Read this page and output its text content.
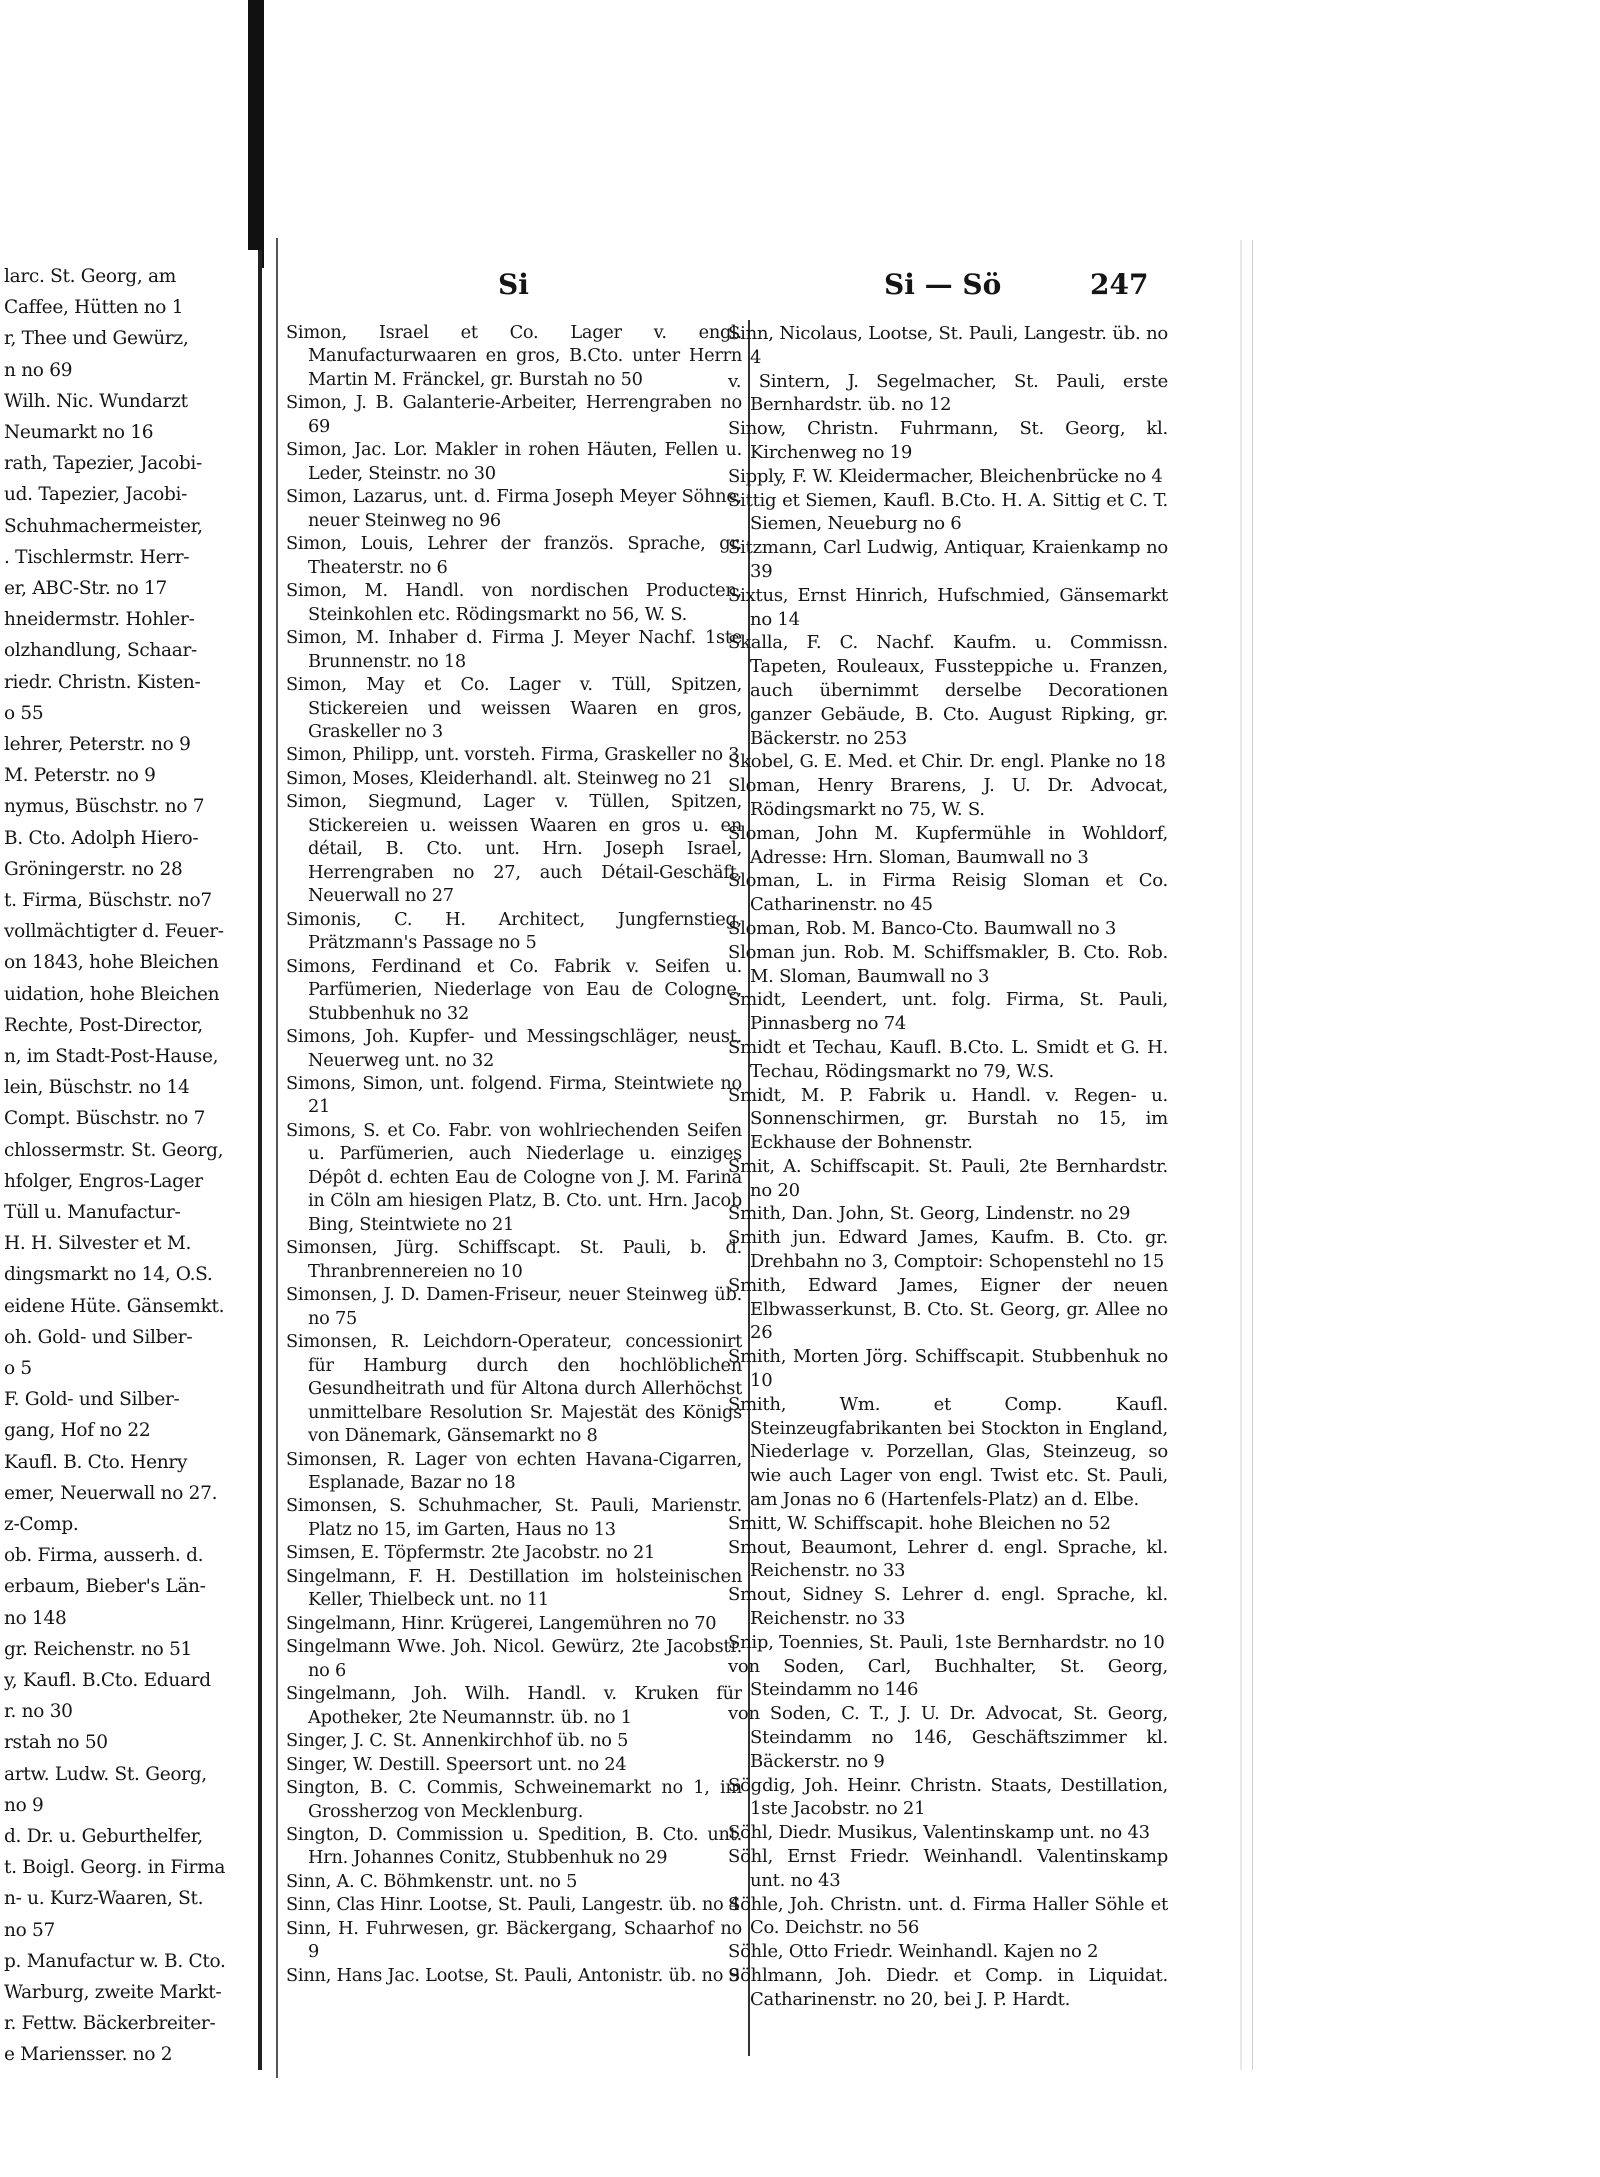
larc. St. Georg, am
Caffee, Hütten no 1
r, Thee und Gewürz,
n no 69
Wilh. Nic. Wundarzt
Neumarkt no 16
rath, Tapezier, Jacobi-
ud. Tapezier, Jacobi-
Schuhmachermeister,
. Tischlermstr. Herr-
er, ABC-Str. no 17
hneidermstr. Hohler-
olzhandlung, Schaar-
riedr. Christn. Kisten-
o 55
lehrer, Peterstr. no 9
M. Peterstr. no 9
nymus, Büschstr. no 7
B. Cto. Adolph Hiero-
Gröningerstr. no 28
t. Firma, Büschstr. no7
vollmächtigter d. Feuer-
on 1843, hohe Bleichen
uidation, hohe Bleichen
Rechte, Post-Director,
n, im Stadt-Post-Hause,
lein, Büschstr. no 14
Compt. Büschstr. no 7
chlossermstr. St. Georg,
hfolger, Engros-Lager
Tüll u. Manufactur-
H. H. Silvester et M.
dingsmarkt no 14, O.S.
eidene Hüte. Gänsemkt.
oh. Gold- und Silber-
o 5
F. Gold- und Silber-
gang, Hof no 22
Kaufl. B. Cto. Henry
emer, Neuerwall no 27.
z-Comp.
ob. Firma, ausserh. d.
erbaum, Bieber's Län-
no 148
gr. Reichenstr. no 51
y, Kaufl. B.Cto. Eduard
r. no 30
rstah no 50
artw. Ludw. St. Georg,
no 9
d. Dr. u. Geburthelfer,
t. Boigl. Georg. in Firma
n- u. Kurz-Waaren, St.
no 57
p. Manufactur w. B. Cto.
Warburg, zweite Markt-
r. Fettw. Bäckerbreiter-
e Mariensser. no 2
Si	Si — Sö	247

Simon, Israel et Co. Lager v. engl. Manufacturwaaren en gros, B.Cto. unter Herrn Martin M. Fränckel, gr. Burstah no 50

Simon, J. B. Galanterie-Arbeiter, Herrengraben no 69

Simon, Jac. Lor. Makler in rohen Häuten, Fellen u. Leder, Steinstr. no 30

Simon, Lazarus, unt. d. Firma Joseph Meyer Söhne, neuer Steinweg no 96

Simon, Louis, Lehrer der französ. Sprache, gr. Theaterstr. no 6

Simon, M. Handl. von nordischen Producten, Steinkohlen etc. Rödingsmarkt no 56, W. S.

Simon, M. Inhaber d. Firma J. Meyer Nachf. 1ste Brunnenstr. no 18

Simon, May et Co. Lager v. Tüll, Spitzen, Stickereien und weissen Waaren en gros, Graskeller no 3

Simon, Philipp, unt. vorsteh. Firma, Graskeller no 3

Simon, Moses, Kleiderhandl. alt. Steinweg no 21

Simon, Siegmund, Lager v. Tüllen, Spitzen, Stickereien u. weissen Waaren en gros u. en détail, B. Cto. unt. Hrn. Joseph Israel, Herrengraben no 27, auch Détail-Geschäft, Neuerwall no 27

Simonis, C. H. Architect, Jungfernstieg, Prätzmann's Passage no 5

Simons, Ferdinand et Co. Fabrik v. Seifen u. Parfümerien, Niederlage von Eau de Cologne, Stubbenhuk no 32

Simons, Joh. Kupfer- und Messingschläger, neust. Neuerweg unt. no 32

Simons, Simon, unt. folgend. Firma, Steintwiete no 21

Simons, S. et Co. Fabr. von wohlriechenden Seifen u. Parfümerien, auch Niederlage u. einziges Dépôt d. echten Eau de Cologne von J. M. Farina in Cöln am hiesigen Platz, B. Cto. unt. Hrn. Jacob Bing, Steintwiete no 21

Simonsen, Jürg. Schiffscapt. St. Pauli, b. d. Thranbrennereien no 10

Simonsen, J. D. Damen-Friseur, neuer Steinweg üb. no 75

Simonsen, R. Leichdorn-Operateur, concessionirt für Hamburg durch den hochlöblichen Gesundheitrath und für Altona durch Allerhöchst unmittelbare Resolution Sr. Majestät des Königs von Dänemark, Gänsemarkt no 8

Simonsen, R. Lager von echten Havana-Cigarren, Esplanade, Bazar no 18

Simonsen, S. Schuhmacher, St. Pauli, Marienstr. Platz no 15, im Garten, Haus no 13

Simsen, E. Töpfermstr. 2te Jacobstr. no 21

Singelmann, F. H. Destillation im holsteinischen Keller, Thielbeck unt. no 11

Singelmann, Hinr. Krügerei, Langemühren no 70

Singelmann Wwe. Joh. Nicol. Gewürz, 2te Jacobstr. no 6

Singelmann, Joh. Wilh. Handl. v. Kruken für Apotheker, 2te Neumannstr. üb. no 1

Singer, J. C. St. Annenkirchhof üb. no 5

Singer, W. Destill. Speersort unt. no 24

Sington, B. C. Commis, Schweinemarkt no 1, im Grossherzog von Mecklenburg.

Sington, D. Commission u. Spedition, B. Cto. unt. Hrn. Johannes Conitz, Stubbenhuk no 29

Sinn, A. C. Böhmkenstr. unt. no 5

Sinn, Clas Hinr. Lootse, St. Pauli, Langestr. üb. no 4

Sinn, H. Fuhrwesen, gr. Bäckergang, Schaarhof no 9

Sinn, Hans Jac. Lootse, St. Pauli, Antonistr. üb. no 9

Sinn, Nicolaus, Lootse, St. Pauli, Langestr. üb. no 4

v. Sintern, J. Segelmacher, St. Pauli, erste Bernhardstr. üb. no 12

Sinow, Christn. Fuhrmann, St. Georg, kl. Kirchenweg no 19

Sipply, F. W. Kleidermacher, Bleichenbrücke no 4

Sittig et Siemen, Kaufl. B.Cto. H. A. Sittig et C. T. Siemen, Neueburg no 6

Sitzmann, Carl Ludwig, Antiquar, Kraienkamp no 39

Sixtus, Ernst Hinrich, Hufschmied, Gänsemarkt no 14

Skalla, F. C. Nachf. Kaufm. u. Commissn. Tapeten, Rouleaux, Fussteppiche u. Franzen, auch übernimmt derselbe Decorationen ganzer Gebäude, B. Cto. August Ripking, gr. Bäckerstr. no 253

Skobel, G. E. Med. et Chir. Dr. engl. Planke no 18

Sloman, Henry Brarens, J. U. Dr. Advocat, Rödingsmarkt no 75, W. S.

Sloman, John M. Kupfermühle in Wohldorf, Adresse: Hrn. Sloman, Baumwall no 3

Sloman, L. in Firma Reisig Sloman et Co. Catharinenstr. no 45

Sloman, Rob. M. Banco-Cto. Baumwall no 3

Sloman jun. Rob. M. Schiffsmakler, B. Cto. Rob. M. Sloman, Baumwall no 3

Smidt, Leendert, unt. folg. Firma, St. Pauli, Pinnasberg no 74

Smidt et Techau, Kaufl. B.Cto. L. Smidt et G. H. Techau, Rödingsmarkt no 79, W.S.

Smidt, M. P. Fabrik u. Handl. v. Regen- u. Sonnenschirmen, gr. Burstah no 15, im Eckhause der Bohnenstr.

Smit, A. Schiffscapit. St. Pauli, 2te Bernhardstr. no 20

Smith, Dan. John, St. Georg, Lindenstr. no 29

Smith jun. Edward James, Kaufm. B. Cto. gr. Drehbahn no 3, Comptoir: Schopenstehl no 15

Smith, Edward James, Eigner der neuen Elbwasserkunst, B. Cto. St. Georg, gr. Allee no 26

Smith, Morten Jörg. Schiffscapit. Stubbenhuk no 10

Smith, Wm. et Comp. Kaufl. Steinzeugfabrikanten bei Stockton in England, Niederlage v. Porzellan, Glas, Steinzeug, so wie auch Lager von engl. Twist etc. St. Pauli, am Jonas no 6 (Hartenfels-Platz) an d. Elbe.

Smitt, W. Schiffscapit. hohe Bleichen no 52

Smout, Beaumont, Lehrer d. engl. Sprache, kl. Reichenstr. no 33

Smout, Sidney S. Lehrer d. engl. Sprache, kl. Reichenstr. no 33

Snip, Toennies, St. Pauli, 1ste Bernhardstr. no 10

von Soden, Carl, Buchhalter, St. Georg, Steindamm no 146

von Soden, C. T., J. U. Dr. Advocat, St. Georg, Steindamm no 146, Geschäftszimmer kl. Bäckerstr. no 9

Sögdig, Joh. Heinr. Christn. Staats, Destillation, 1ste Jacobstr. no 21

Söhl, Diedr. Musikus, Valentinskamp unt. no 43

Söhl, Ernst Friedr. Weinhandl. Valentinskamp unt. no 43

Söhle, Joh. Christn. unt. d. Firma Haller Söhle et Co. Deichstr. no 56

Söhle, Otto Friedr. Weinhandl. Kajen no 2

Söhlmann, Joh. Diedr. et Comp. in Liquidat. Catharinenstr. no 20, bei J. P. Hardt.
